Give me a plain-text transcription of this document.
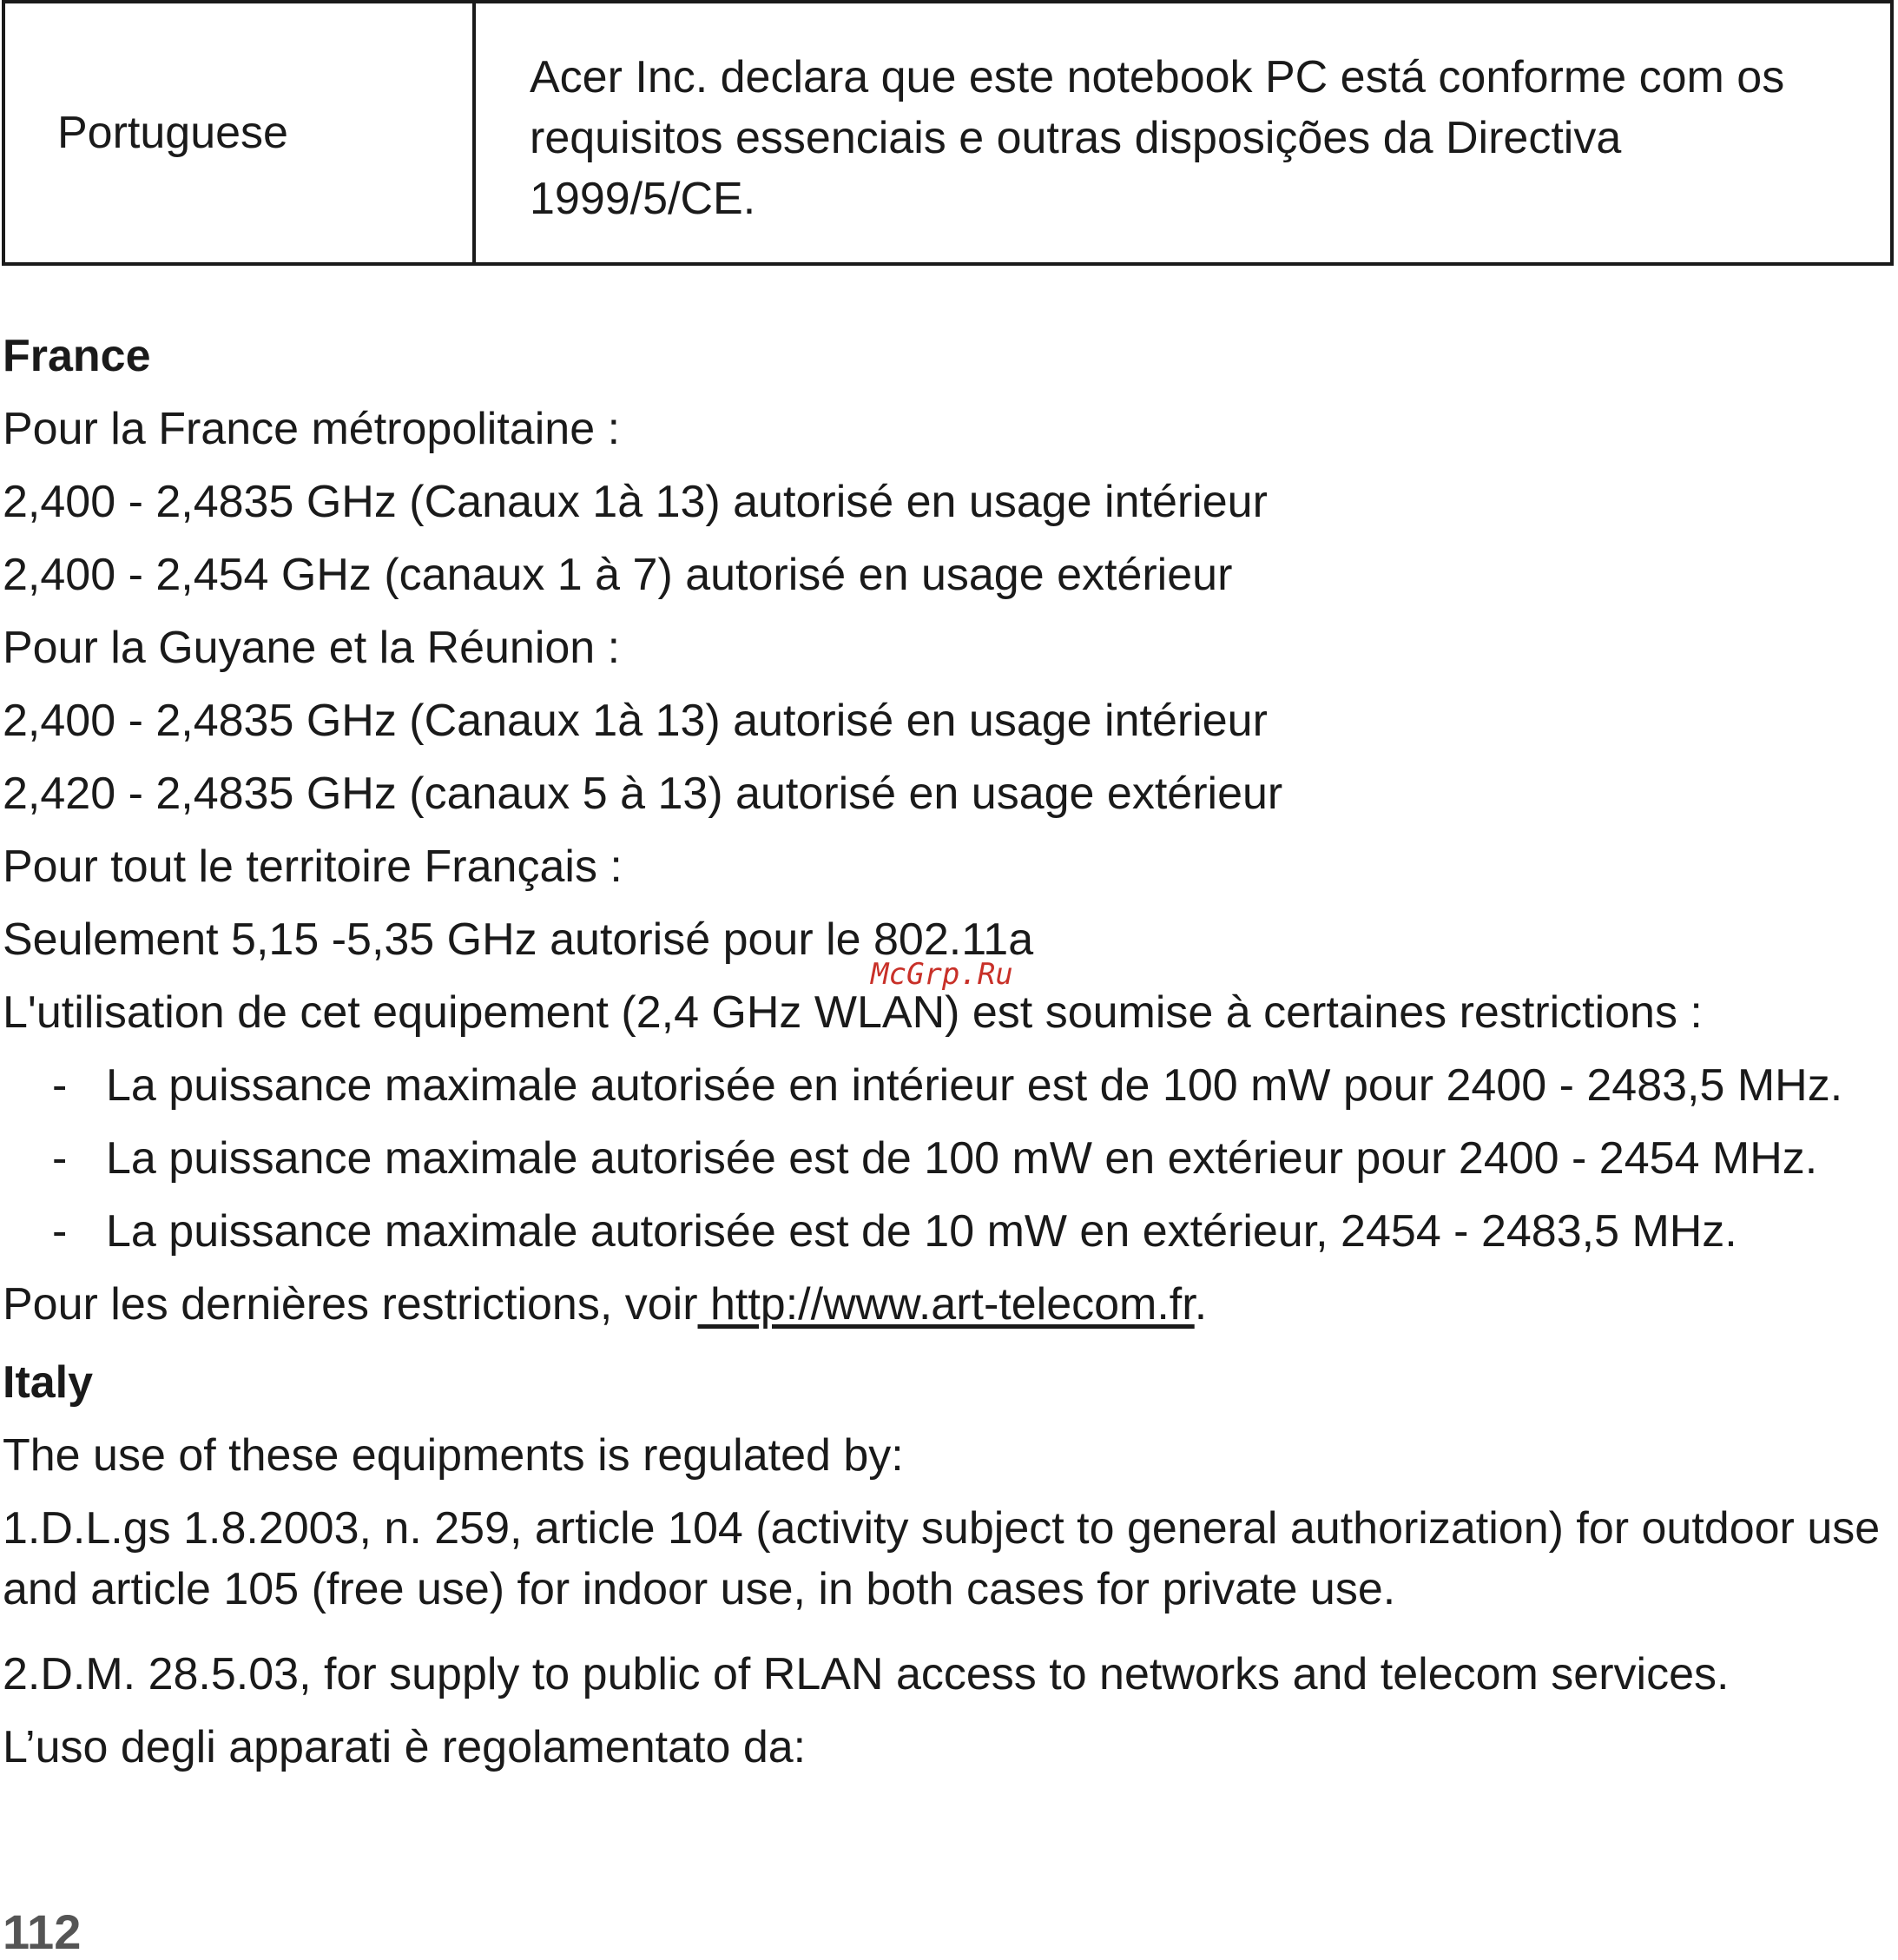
Portuguese
Acer Inc. declara que este notebook PC está conforme com os requisitos essenciais e outras disposições da Directiva 1999/5/CE.
France
Pour la France métropolitaine :
2,400 - 2,4835 GHz (Canaux 1à 13) autorisé en usage intérieur
2,400 - 2,454 GHz (canaux 1 à 7) autorisé en usage extérieur
Pour la Guyane et la Réunion :
2,400 - 2,4835 GHz (Canaux 1à 13) autorisé en usage intérieur
2,420 - 2,4835 GHz (canaux 5 à 13) autorisé en usage extérieur
Pour tout le territoire Français :
Seulement 5,15 -5,35 GHz autorisé pour le 802.11a
L'utilisation de cet equipement (2,4 GHz WLAN) est soumise à certaines restrictions :
- La puissance maximale autorisée en intérieur est de 100 mW pour 2400 - 2483,5 MHz.
- La puissance maximale autorisée est de 100 mW en extérieur pour 2400 - 2454 MHz.
- La puissance maximale autorisée est de 10 mW en extérieur, 2454 - 2483,5 MHz.
Pour les dernières restrictions, voir http://www.art-telecom.fr.
Italy
The use of these equipments is regulated by:
1.D.L.gs 1.8.2003, n. 259, article 104 (activity subject to general authorization) for outdoor use and article 105 (free use) for indoor use, in both cases for private use.
2.D.M. 28.5.03, for supply to public of RLAN access to networks and telecom services.
L’uso degli apparati è regolamentato da:
McGrp.Ru
112
